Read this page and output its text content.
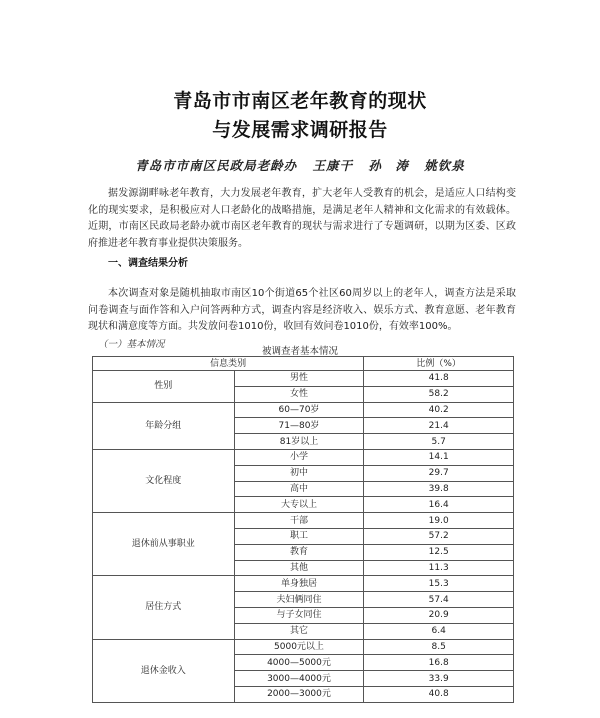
青岛市市南区老年教育的现状
与发展需求调研报告
青岛市市南区民政局老龄办 王康干 孙　涛 姚钦泉
据发源湖畔咏老年教育，大力发展老年教育，扩大老年人受教育的机会，是适应人口结构变化的现实要求，是积极应对人口老龄化的战略措施，是满足老年人精神和文化需求的有效载体。近期，市南区民政局老龄办就市南区老年教育的现状与需求进行了专题调研，以期为区委、区政府推进老年教育事业提供决策服务。
一、调查结果分析
本次调查对象是随机抽取市南区10个街道65个社区60周岁以上的老年人，调查方法是采取问卷调查与面作答和入户问答两种方式，调查内容是经济收入、娱乐方式、教育意愿、老年教育现状和满意度等方面。共发放问卷1010份，收回有效问卷1010份，有效率100%。
（一）基本情况
被调查者基本情况
信息类别		比例（%）
性别	男性	41.8
	女性	58.2
年龄分组	60—70岁	40.2
	71—80岁	21.4
	81岁以上	5.7
文化程度	小学	14.1
	初中	29.7
	高中	39.8
	大专以上	16.4
退休前从事职业	干部	19.0
	职工	57.2
	教育	12.5
	其他	11.3
居住方式	单身独居	15.3
	夫妇俩同住	57.4
	与子女同住	20.9
	其它	6.4
退休金收入	5000元以上	8.5
	4000—5000元	16.8
	3000—4000元	33.9
	2000—3000元	40.8
